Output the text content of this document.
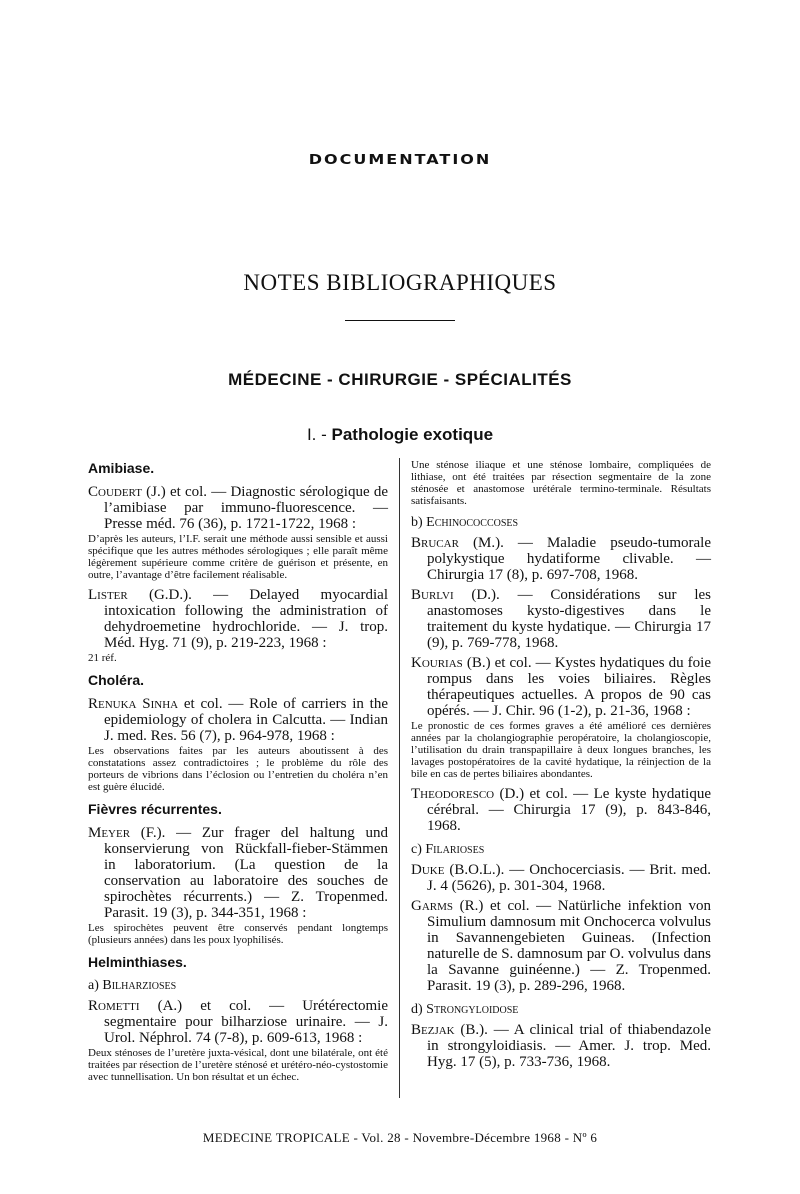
DOCUMENTATION
NOTES BIBLIOGRAPHIQUES
MÉDECINE - CHIRURGIE - SPÉCIALITÉS
I. - Pathologie exotique
Amibiase.

Coudert (J.) et col. — Diagnostic sérologique de l’amibiase par immuno-fluorescence. — Presse méd. 76 (36), p. 1721-1722, 1968 :

D’après les auteurs, l’I.F. serait une méthode aussi sensible et aussi spécifique que les autres méthodes sérologiques ; elle paraît même légèrement supérieure comme critère de guérison et présente, en outre, l’avantage d’être facilement réalisable.

Lister (G.D.). — Delayed myocardial intoxication following the administration of dehydroemetine hydrochloride. — J. trop. Méd. Hyg. 71 (9), p. 219-223, 1968 :

21 réf.

Choléra.

Renuka Sinha et col. — Role of carriers in the epidemiology of cholera in Calcutta. — Indian J. med. Res. 56 (7), p. 964-978, 1968 :

Les observations faites par les auteurs aboutissent à des constatations assez contradictoires ; le problème du rôle des porteurs de vibrions dans l’éclosion ou l’entretien du choléra n’en est guère élucidé.

Fièvres récurrentes.

Meyer (F.). — Zur frager del haltung und konservierung von Rückfall-fieber-Stämmen in laboratorium. (La question de la conservation au laboratoire des souches de spirochètes récurrents.) — Z. Tropenmed. Parasit. 19 (3), p. 344-351, 1968 :

Les spirochètes peuvent être conservés pendant longtemps (plusieurs années) dans les poux lyophilisés.

Helminthiases.
a) Bilharzioses

Rometti (A.) et col. — Urétérectomie segmentaire pour bilharziose urinaire. — J. Urol. Néphrol. 74 (7-8), p. 609-613, 1968 :

Deux sténoses de l’uretère juxta-vésical, dont une bilatérale, ont été traitées par résection de l’uretère sténosé et urétéro-néo-cystostomie avec tunnellisation. Un bon résultat et un échec.

Une sténose iliaque et une sténose lombaire, compliquées de lithiase, ont été traitées par résection segmentaire de la zone sténosée et anastomose urétérale termino-terminale. Résultats satisfaisants.

b) Echinococcoses

Brucar (M.). — Maladie pseudo-tumorale polykystique hydatiforme clivable. — Chirurgia 17 (8), p. 697-708, 1968.

Burlvi (D.). — Considérations sur les anastomoses kysto-digestives dans le traitement du kyste hydatique. — Chirurgia 17 (9), p. 769-778, 1968.

Kourias (B.) et col. — Kystes hydatiques du foie rompus dans les voies biliaires. Règles thérapeutiques actuelles. A propos de 90 cas opérés. — J. Chir. 96 (1-2), p. 21-36, 1968 :

Le pronostic de ces formes graves a été amélioré ces dernières années par la cholangiographie peropératoire, la cholangioscopie, l’utilisation du drain transpapillaire à deux longues branches, les lavages postopératoires de la cavité hydatique, la réinjection de la bile en cas de pertes biliaires abondantes.

Theodoresco (D.) et col. — Le kyste hydatique cérébral. — Chirurgia 17 (9), p. 843-846, 1968.

c) Filarioses

Duke (B.O.L.). — Onchocerciasis. — Brit. med. J. 4 (5626), p. 301-304, 1968.

Garms (R.) et col. — Natürliche infektion von Simulium damnosum mit Onchocerca volvulus in Savannengebieten Guineas. (Infection naturelle de S. damnosum par O. volvulus dans la Savanne guinéenne.) — Z. Tropenmed. Parasit. 19 (3), p. 289-296, 1968.

d) Strongyloidose

Bezjak (B.). — A clinical trial of thiabendazole in strongyloidiasis. — Amer. J. trop. Med. Hyg. 17 (5), p. 733-736, 1968.

MEDECINE TROPICALE - Vol. 28 - Novembre-Décembre 1968 - Nº 6
